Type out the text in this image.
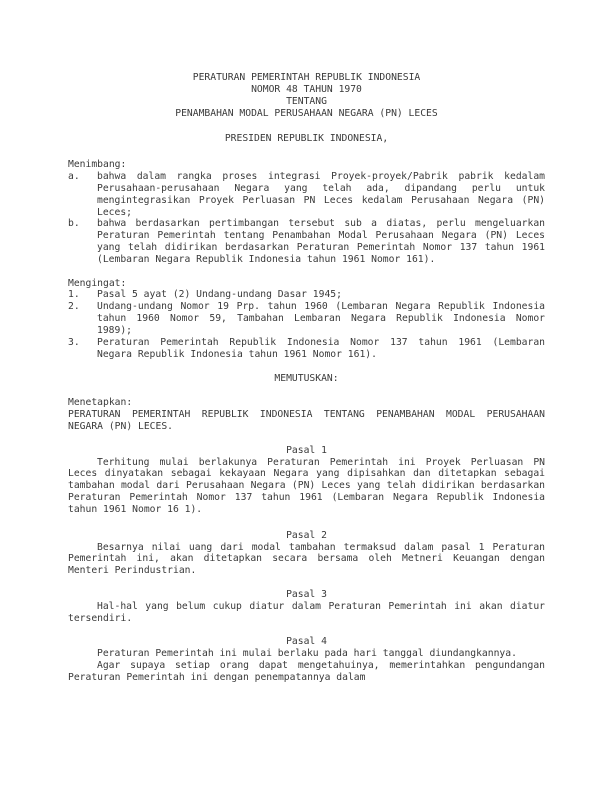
PERATURAN PEMERINTAH REPUBLIK INDONESIA
NOMOR 48 TAHUN 1970
TENTANG
PENAMBAHAN MODAL PERUSAHAAN NEGARA (PN) LECES
PRESIDEN REPUBLIK INDONESIA,
Menimbang:
a.	bahwa dalam rangka proses integrasi Proyek-proyek/Pabrik pabrik kedalam Perusahaan-perusahaan Negara yang telah ada, dipandang perlu untuk mengintegrasikan Proyek Perluasan PN Leces kedalam Perusahaan Negara (PN) Leces;
b.	bahwa berdasarkan pertimbangan tersebut sub a diatas, perlu mengeluarkan Peraturan Pemerintah tentang Penambahan Modal Perusahaan Negara (PN) Leces yang telah didirikan berdasarkan Peraturan Pemerintah Nomor 137 tahun 1961 (Lembaran Negara Republik Indonesia tahun 1961 Nomor 161).
Mengingat:
1.	Pasal 5 ayat (2) Undang-undang Dasar 1945;
2.	Undang-undang Nomor 19 Prp. tahun 1960 (Lembaran Negara Republik Indonesia tahun 1960 Nomor 59, Tambahan Lembaran Negara Republik Indonesia Nomor 1989);
3.	Peraturan Pemerintah Republik Indonesia Nomor 137 tahun 1961 (Lembaran Negara Republik Indonesia tahun 1961 Nomor 161).
MEMUTUSKAN:
Menetapkan:
PERATURAN PEMERINTAH REPUBLIK INDONESIA TENTANG PENAMBAHAN MODAL PERUSAHAAN NEGARA (PN) LECES.
Pasal 1
Terhitung mulai berlakunya Peraturan Pemerintah ini Proyek Perluasan PN Leces dinyatakan sebagai kekayaan Negara yang dipisahkan dan ditetapkan sebagai tambahan modal dari Perusahaan Negara (PN) Leces yang telah didirikan berdasarkan Peraturan Pemerintah Nomor 137 tahun 1961 (Lembaran Negara Republik Indonesia tahun 1961 Nomor 16 1).
Pasal 2
Besarnya nilai uang dari modal tambahan termaksud dalam pasal 1 Peraturan Pemerintah ini, akan ditetapkan secara bersama oleh Metneri Keuangan dengan Menteri Perindustrian.
Pasal 3
Hal-hal yang belum cukup diatur dalam Peraturan Pemerintah ini akan diatur tersendiri.
Pasal 4
Peraturan Pemerintah ini mulai berlaku pada hari tanggal diundangkannya.
Agar supaya setiap orang dapat mengetahuinya, memerintahkan pengundangan Peraturan Pemerintah ini dengan penempatannya dalam
